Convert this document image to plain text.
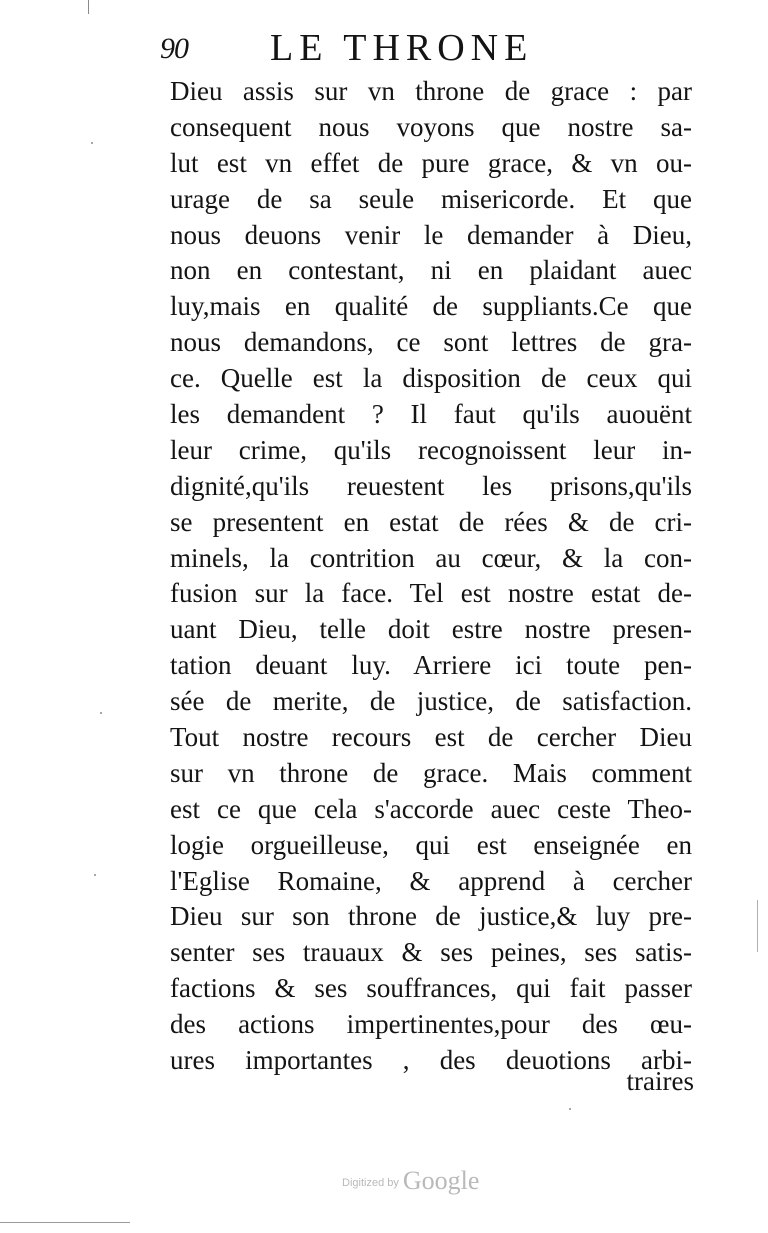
90 LE THRONE
Dieu assis sur vn throne de grace : par
consequent nous voyons que nostre sa-
lut est vn effet de pure grace, & vn ou-
urage de sa seule misericorde. Et que
nous deuons venir le demander à Dieu,
non en contestant, ni en plaidant auec
luy,mais en qualité de suppliants.Ce que
nous demandons, ce sont lettres de gra-
ce. Quelle est la disposition de ceux qui
les demandent ? Il faut qu'ils auouënt
leur crime, qu'ils recognoissent leur in-
dignité,qu'ils reuestent les prisons,qu'ils
se presentent en estat de rées & de cri-
minels, la contrition au cœur, & la con-
fusion sur la face. Tel est nostre estat de-
uant Dieu, telle doit estre nostre presen-
tation deuant luy. Arriere ici toute pen-
sée de merite, de justice, de satisfaction.
Tout nostre recours est de cercher Dieu
sur vn throne de grace. Mais comment
est ce que cela s'accorde auec ceste Theo-
logie orgueilleuse, qui est enseignée en
l'Eglise Romaine, & apprend à cercher
Dieu sur son throne de justice,& luy pre-
senter ses trauaux & ses peines, ses satis-
factions & ses souffrances, qui fait passer
des actions impertinentes,pour des œu-
ures importantes , des deuotions arbi-
traires
Digitized by Google
